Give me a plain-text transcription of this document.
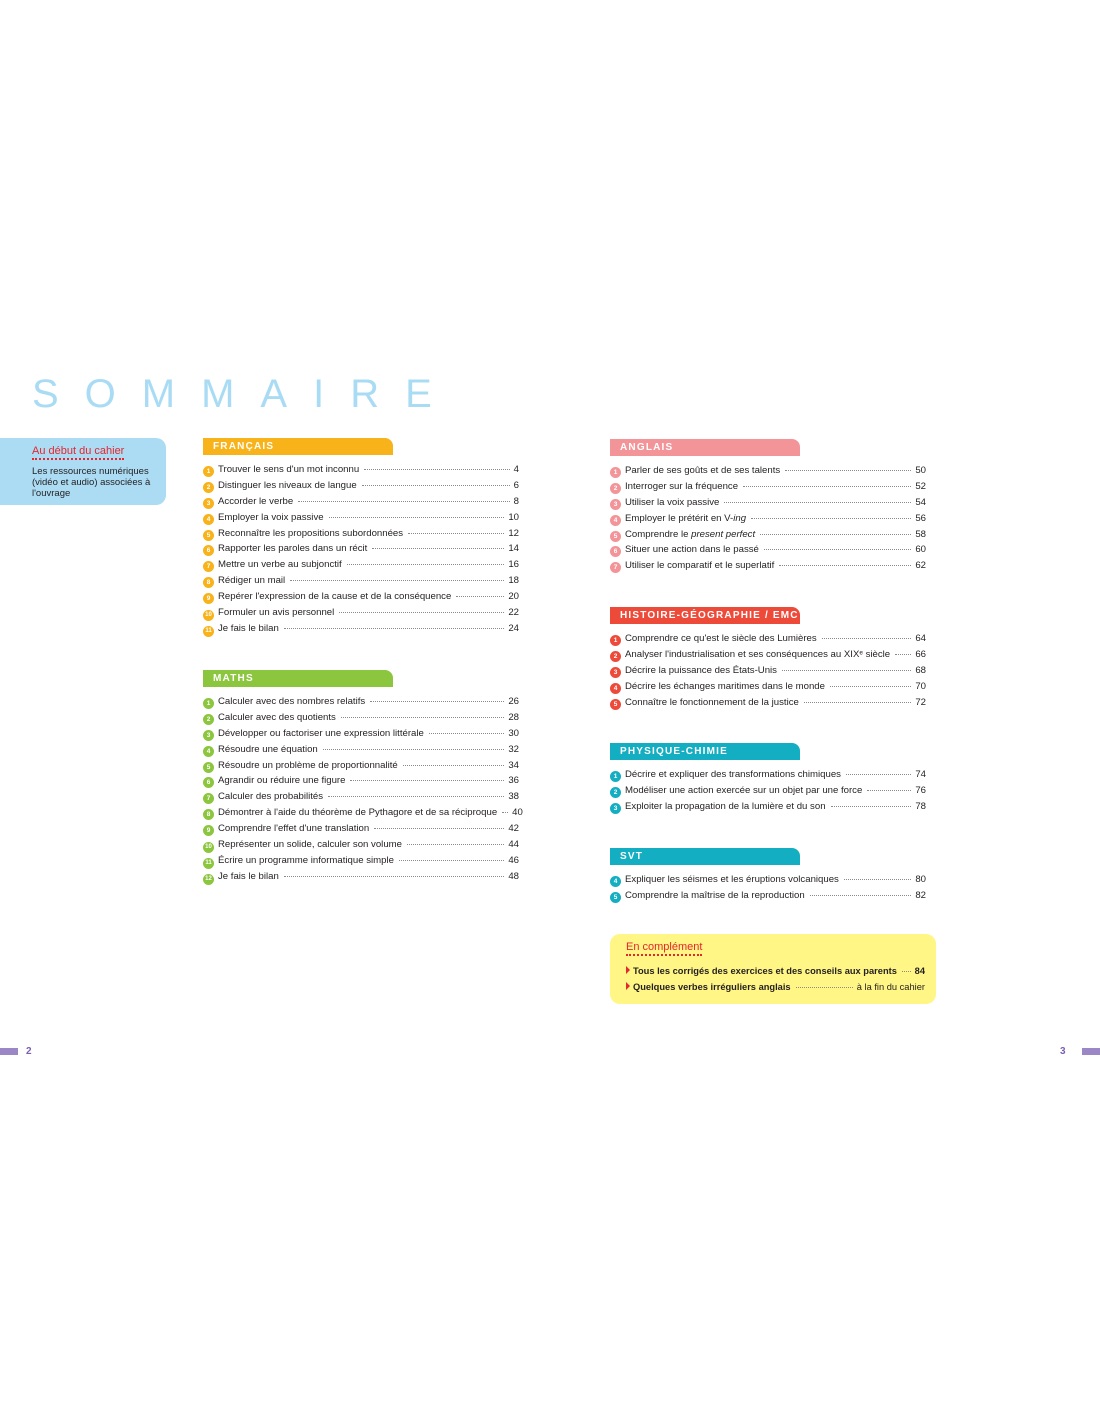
SOMMAIRE
Au début du cahier
Les ressources numériques (vidéo et audio) associées à l'ouvrage
FRANÇAIS
1 Trouver le sens d'un mot inconnu	4
2 Distinguer les niveaux de langue	6
3 Accorder le verbe	8
4 Employer la voix passive	10
5 Reconnaître les propositions subordonnées	12
6 Rapporter les paroles dans un récit	14
7 Mettre un verbe au subjonctif	16
8 Rédiger un mail	18
9 Repérer l'expression de la cause et de la conséquence	20
10 Formuler un avis personnel	22
11 Je fais le bilan	24
MATHS
1 Calculer avec des nombres relatifs	26
2 Calculer avec des quotients	28
3 Développer ou factoriser une expression littérale	30
4 Résoudre une équation	32
5 Résoudre un problème de proportionnalité	34
6 Agrandir ou réduire une figure	36
7 Calculer des probabilités	38
8 Démontrer à l'aide du théorème de Pythagore et de sa réciproque 40
9 Comprendre l'effet d'une translation	42
10 Représenter un solide, calculer son volume	44
11 Écrire un programme informatique simple	46
12 Je fais le bilan	48
ANGLAIS
1 Parler de ses goûts et de ses talents	50
2 Interroger sur la fréquence	52
3 Utiliser la voix passive	54
4 Employer le prétérit en V-ing	56
5 Comprendre le present perfect	58
6 Situer une action dans le passé	60
7 Utiliser le comparatif et le superlatif	62
HISTOIRE-GÉOGRAPHIE / EMC
1 Comprendre ce qu'est le siècle des Lumières	64
2 Analyser l'industrialisation et ses conséquences au XIXᵉ siècle	66
3 Décrire la puissance des États-Unis	68
4 Décrire les échanges maritimes dans le monde	70
5 Connaître le fonctionnement de la justice	72
PHYSIQUE-CHIMIE
1 Décrire et expliquer des transformations chimiques	74
2 Modéliser une action exercée sur un objet par une force	76
3 Exploiter la propagation de la lumière et du son	78
SVT
4 Expliquer les séismes et les éruptions volcaniques	80
5 Comprendre la maîtrise de la reproduction	82
En complément
Tous les corrigés des exercices et des conseils aux parents 84
Quelques verbes irréguliers anglais	à la fin du cahier
2	3
